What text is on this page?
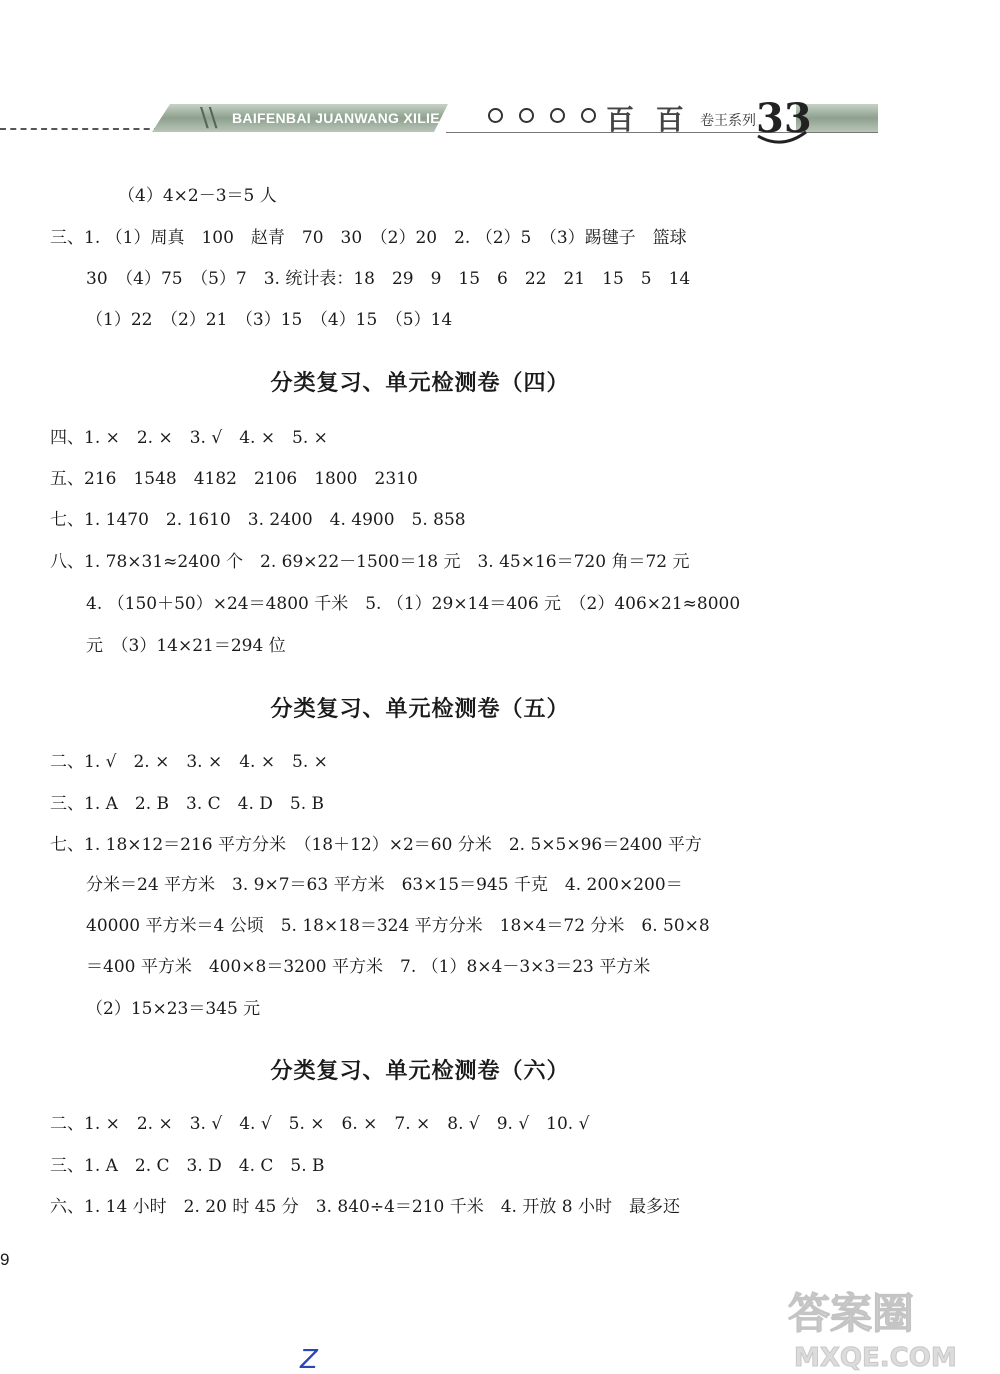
\\ BAIFENBAI JUANWANG XILIE	百 百 卷王系列 33
（4）4×2－3＝5 人
三、1. （1）周真　100　赵青　70　30　（2）20　2. （2）5　（3）踢毽子　篮球
30　（4）75　（5）7　3. 统计表：18　29　9　15　6　22　21　15　5　14
（1）22　（2）21　（3）15　（4）15　（5）14
分类复习、单元检测卷（四）
四、1. ×　2. ×　3. √　4. ×　5. ×
五、216　1548　4182　2106　1800　2310
七、1. 1470　2. 1610　3. 2400　4. 4900　5. 858
八、1. 78×31≈2400 个　2. 69×22－1500＝18 元　3. 45×16＝720 角＝72 元
4. （150＋50）×24＝4800 千米　5. （1）29×14＝406 元　（2）406×21≈8000
元　（3）14×21＝294 位
分类复习、单元检测卷（五）
二、1. √　2. ×　3. ×　4. ×　5. ×
三、1. A　2. B　3. C　4. D　5. B
七、1. 18×12＝216 平方分米　（18＋12）×2＝60 分米　2. 5×5×96＝2400 平方
分米＝24 平方米　3. 9×7＝63 平方米　63×15＝945 千克　4. 200×200＝
40000 平方米＝4 公顷　5. 18×18＝324 平方分米　18×4＝72 分米　6. 50×8
＝400 平方米　400×8＝3200 平方米　7. （1）8×4－3×3＝23 平方米
（2）15×23＝345 元
分类复习、单元检测卷（六）
二、1. ×　2. ×　3. √　4. √　5. ×　6. ×　7. ×　8. √　9. √　10. √
三、1. A　2. C　3. D　4. C　5. B
六、1. 14 小时　2. 20 时 45 分　3. 840÷4＝210 千米　4. 开放 8 小时　最多还
9
Z
答案圈
MXQE.COM
